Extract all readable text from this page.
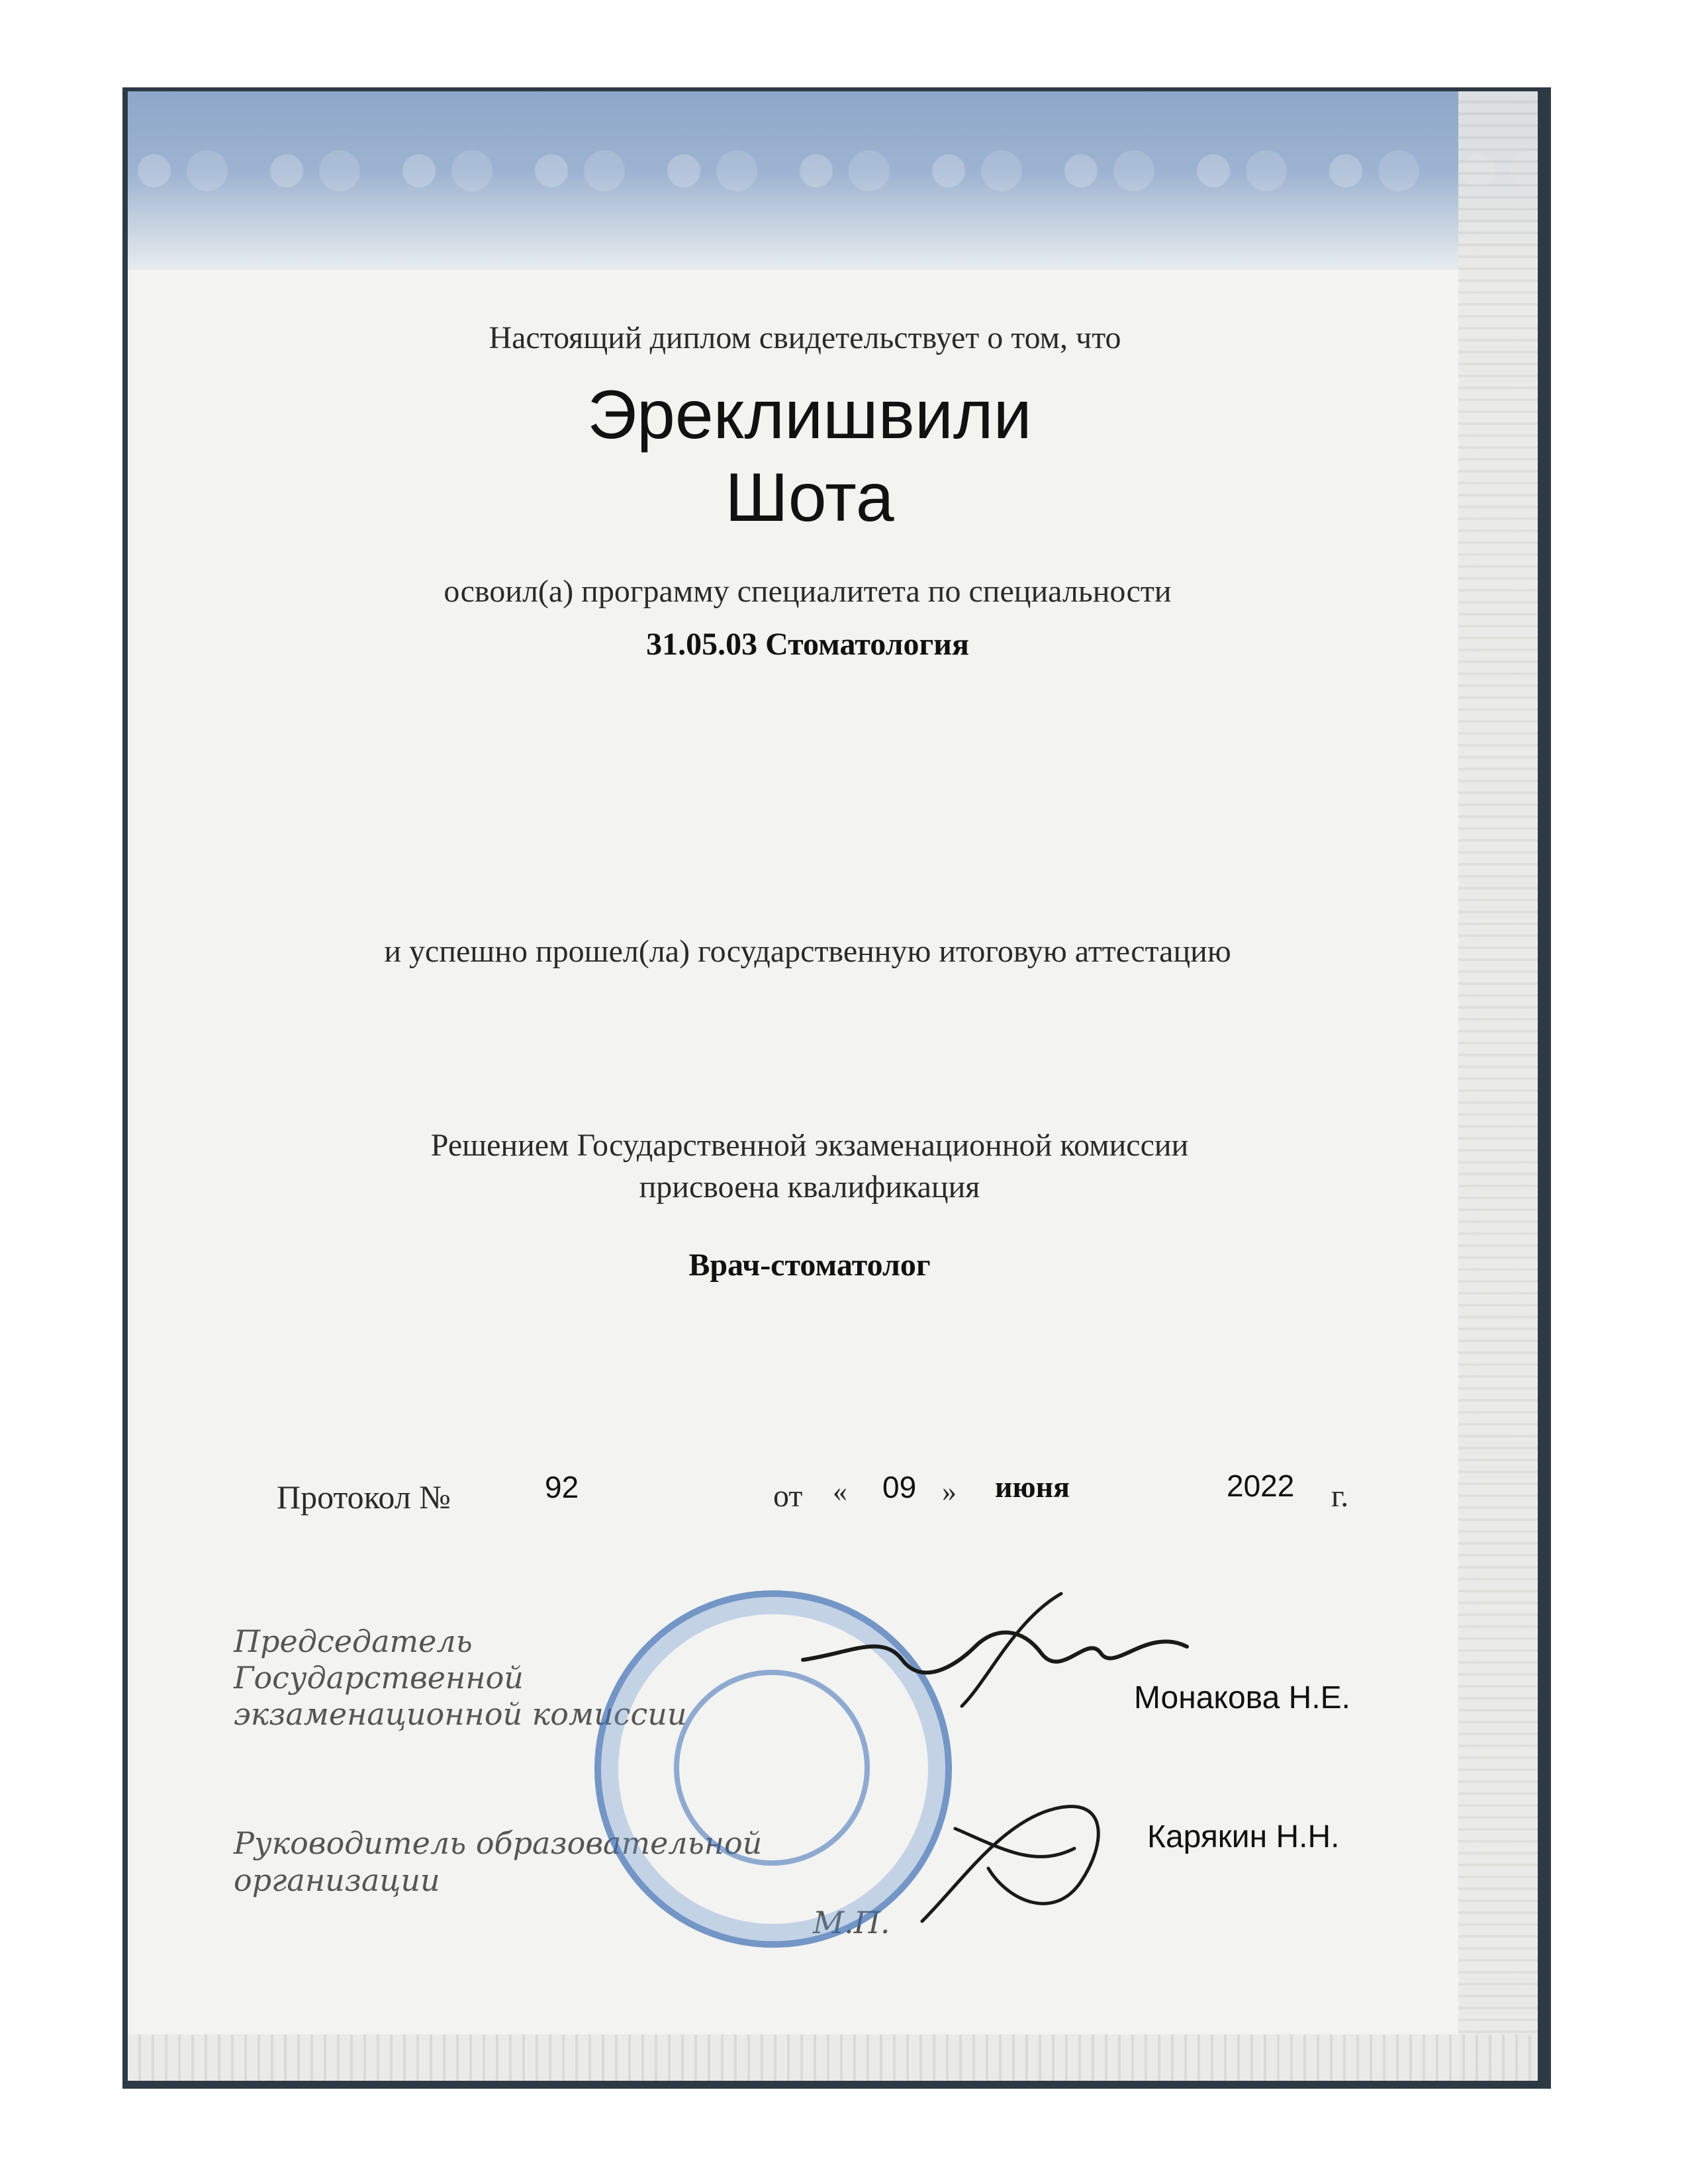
Настоящий диплом свидетельствует о том, что
Эреклишвили
Шота
освоил(а) программу специалитета по специальности
31.05.03 Стоматология
и успешно прошел(ла) государственную итоговую аттестацию
Решением Государственной экзаменационной комиссии
присвоена квалификация
Врач-стоматолог
Протокол №	92	от « 09 » июня	2022 г.
Председатель
Государственной
экзаменационной комиссии	Монакова Н.Е.
Руководитель образовательной
организации
Карякин Н.Н.
М.П.
